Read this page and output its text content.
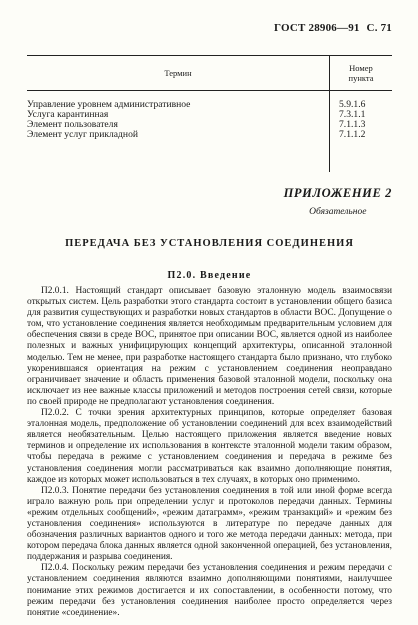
ГОСТ 28906—91 С. 71
Термин	Номер
пункта

Управление уровнем административное	5.9.1.6
Услуга карантинная	7.3.1.1
Элемент пользователя	7.1.1.3
Элемент услуг прикладной	7.1.1.2

ПРИЛОЖЕНИЕ 2
Обязательное
ПЕРЕДАЧА БЕЗ УСТАНОВЛЕНИЯ СОЕДИНЕНИЯ
П2.0. Введение

П2.0.1. Настоящий стандарт описывает базовую эталонную модель взаимосвязи открытых систем. Цель разработки этого стандарта состоит в установлении общего базиса для развития существующих и разработки новых стандартов в области ВОС. Допущение о том, что установление соединения является необходимым предварительным условием для обеспечения связи в среде ВОС, принятое при описании ВОС, является одной из наиболее полезных и важных унифицирующих концепций архитектуры, описанной эталонной моделью. Тем не менее, при разработке настоящего стандарта было признано, что глубоко укоренившаяся ориентация на режим с установлением соединения неоправдано ограничивает значение и область применения базовой эталонной модели, поскольку она исключает из нее важные классы приложений и методов построения сетей связи, которые по своей природе не предполагают установления соединения.

П2.0.2. С точки зрения архитектурных принципов, которые определяет базовая эталонная модель, предположение об установлении соединений для всех взаимодействий является необязательным. Целью настоящего приложения является введение новых терминов и определение их использования в контексте эталонной модели таким образом, чтобы передача в режиме с установлением соединения и передача в режиме без установления соединения могли рассматриваться как взаимно дополняющие понятия, каждое из которых может использоваться в тех случаях, в которых оно применимо.

П2.0.3. Понятие передачи без установления соединения в той или иной форме всегда играло важную роль при определении услуг и протоколов передачи данных. Термины «режим отдельных сообщений», «режим датаграмм», «режим транзакций» и «режим без установления соединения» используются в литературе по передаче данных для обозначения различных вариантов одного и того же метода передачи данных: метода, при котором передача блока данных является одной законченной операцией, без установления, поддержания и разрыва соединения.

П2.0.4. Поскольку режим передачи без установления соединения и режим передачи с установлением соединения являются взаимно дополняющими понятиями, наилучшее понимание этих режимов достигается и их сопоставлении, в особенности потому, что режим передачи без установления соединения наиболее просто определяется через понятие «соединение».
